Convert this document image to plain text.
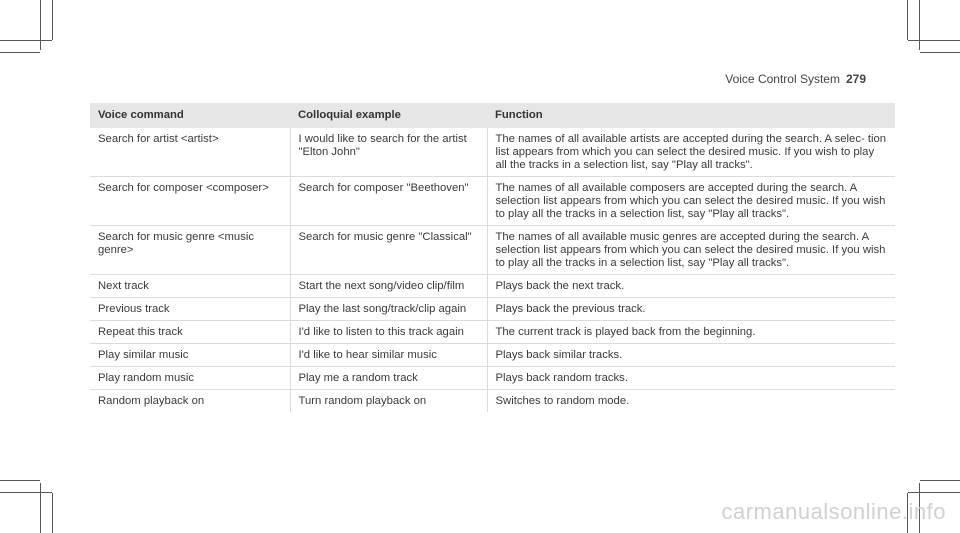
Voice Control System 279
Voice command	Colloquial example	Function
Search for artist <artist>	I would like to search for the artist "Elton John"	The names of all available artists are accepted during the search. A selec- tion list appears from which you can select the desired music. If you wish to play all the tracks in a selection list, say "Play all tracks".
Search for composer <composer>	Search for composer "Beethoven"	The names of all available composers are accepted during the search. A selection list appears from which you can select the desired music. If you wish to play all the tracks in a selection list, say "Play all tracks".
Search for music genre <music genre>	Search for music genre "Classical"	The names of all available music genres are accepted during the search. A selection list appears from which you can select the desired music. If you wish to play all the tracks in a selection list, say "Play all tracks".
Next track	Start the next song/video clip/film	Plays back the next track.
Previous track	Play the last song/track/clip again	Plays back the previous track.
Repeat this track	I'd like to listen to this track again	The current track is played back from the beginning.
Play similar music	I'd like to hear similar music	Plays back similar tracks.
Play random music	Play me a random track	Plays back random tracks.
Random playback on	Turn random playback on	Switches to random mode.
carmanualsonline.info
